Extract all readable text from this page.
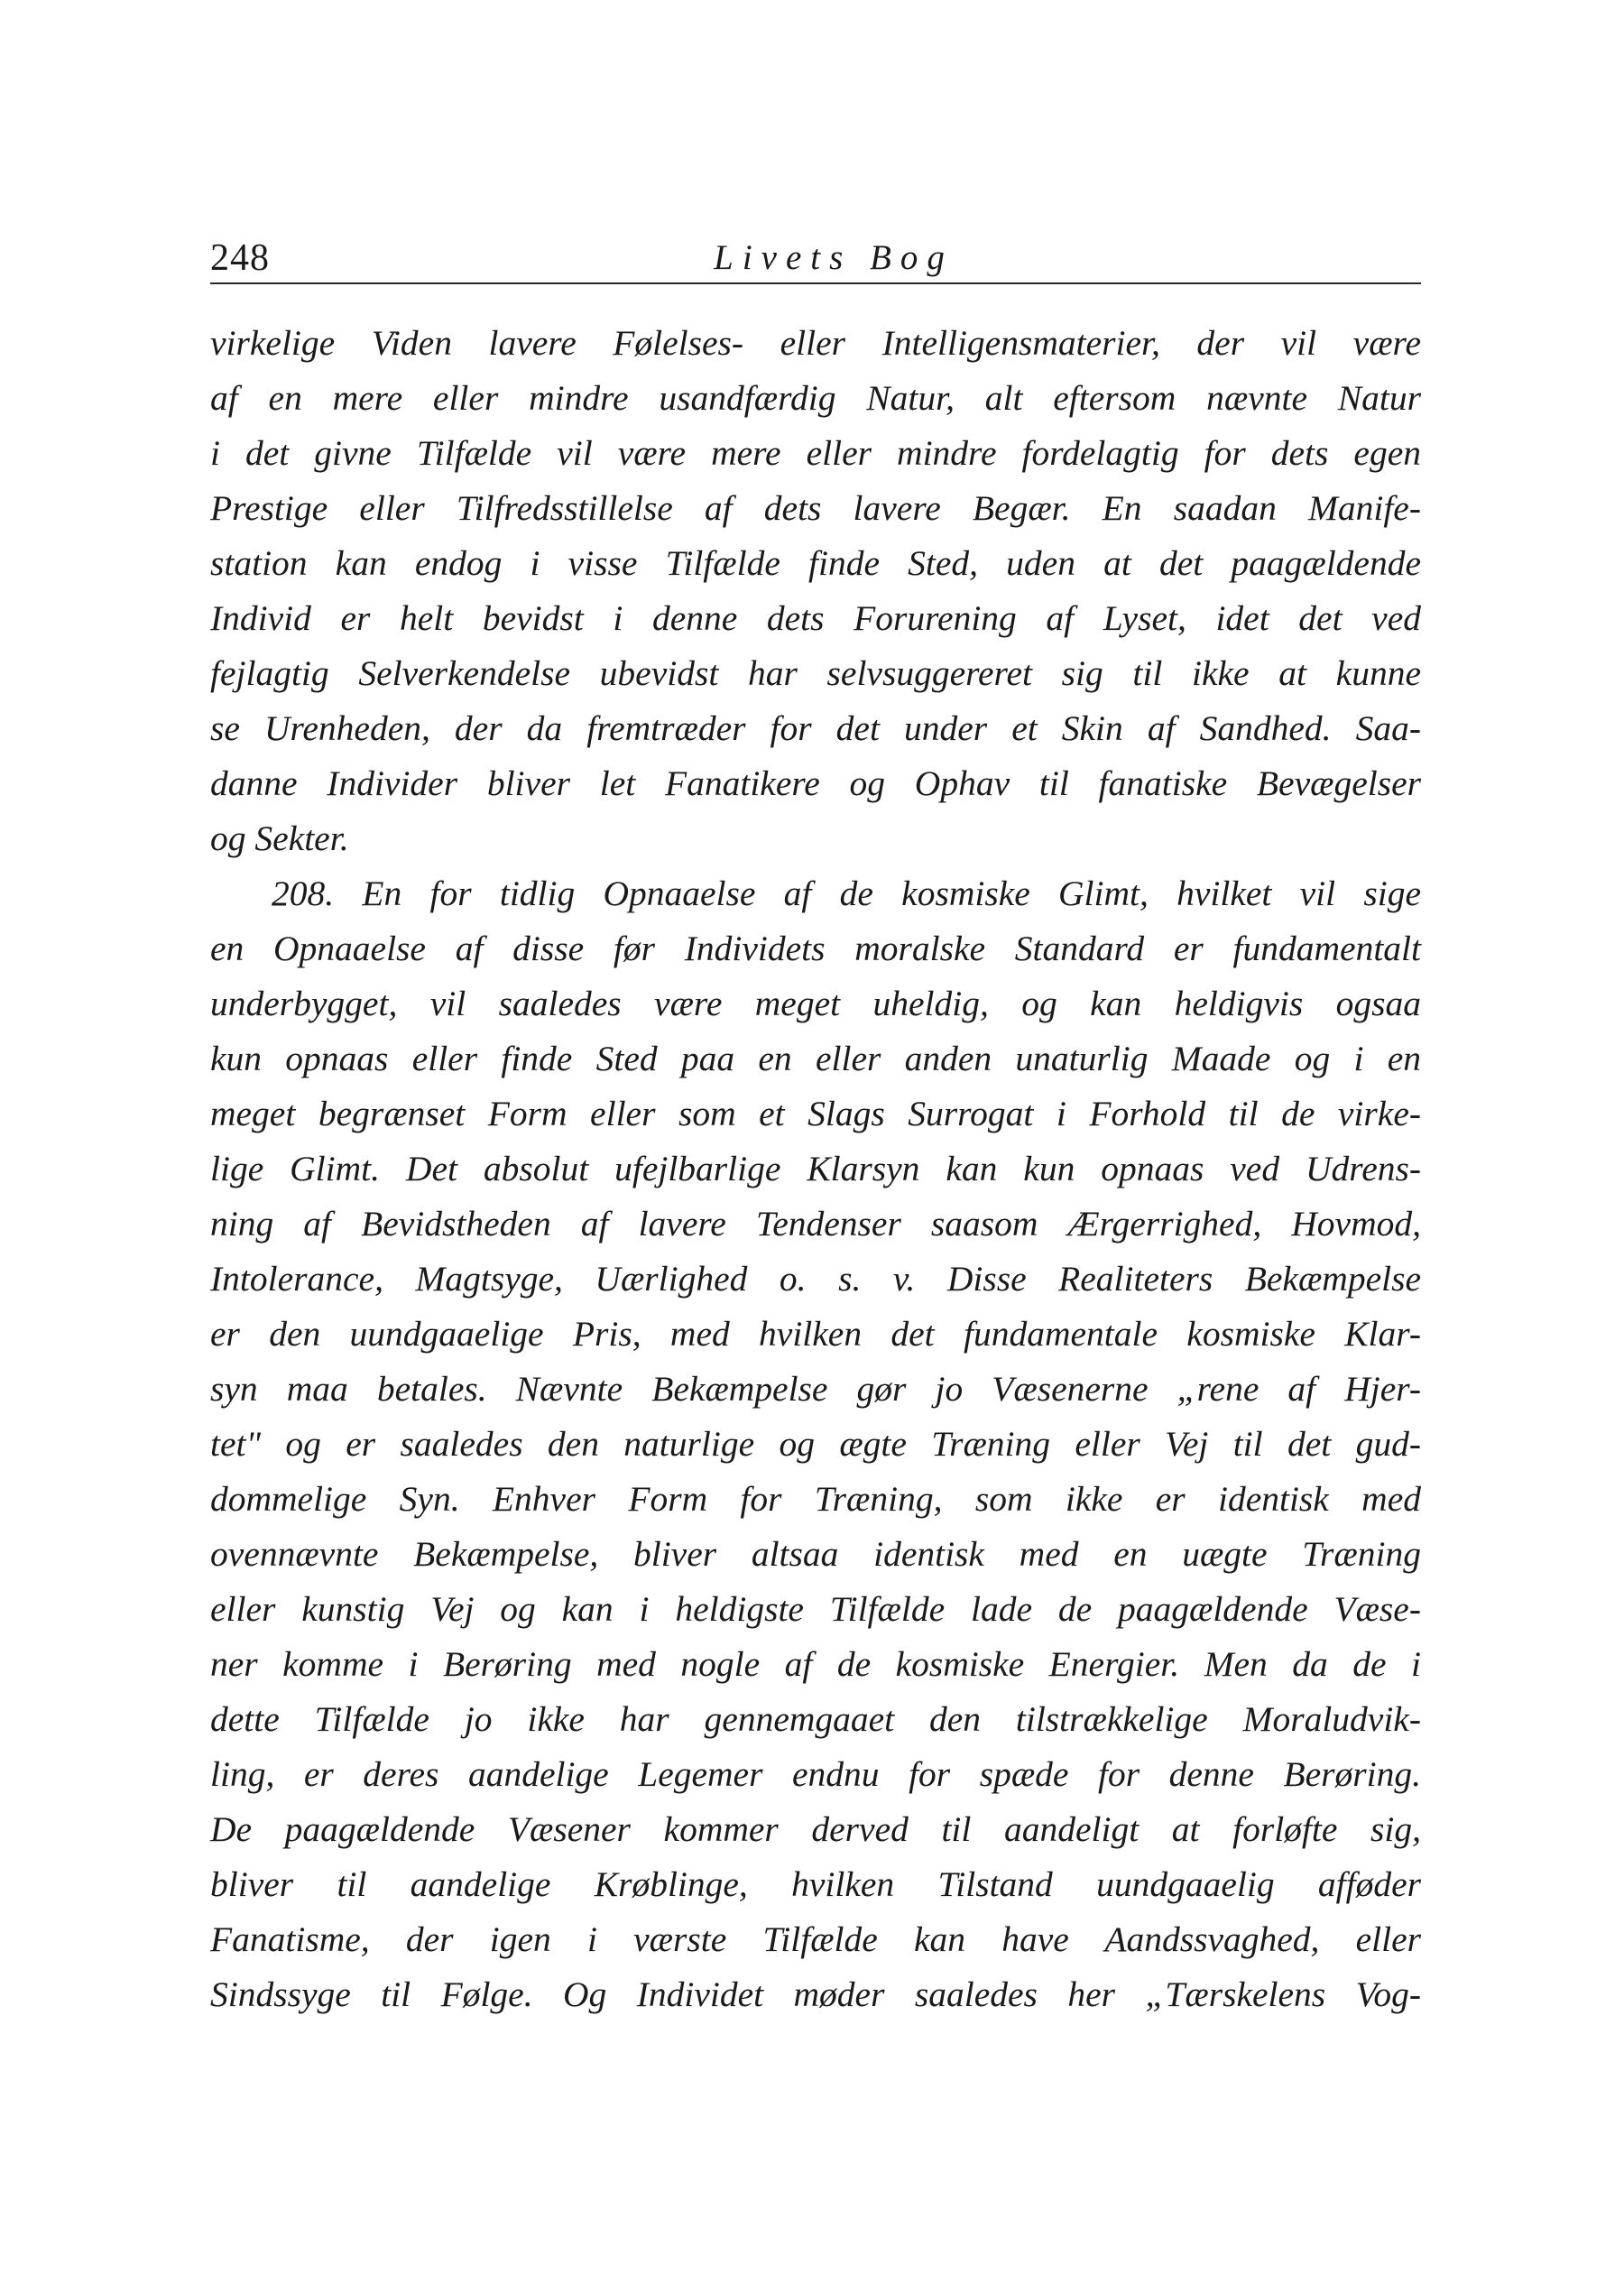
248	Livets Bog
virkelige Viden lavere Følelses- eller Intelligensmaterier, der vil være
af en mere eller mindre usandfærdig Natur, alt eftersom nævnte Natur
i det givne Tilfælde vil være mere eller mindre fordelagtig for dets egen
Prestige eller Tilfredsstillelse af dets lavere Begær. En saadan Manife-
station kan endog i visse Tilfælde finde Sted, uden at det paagældende
Individ er helt bevidst i denne dets Forurening af Lyset, idet det ved
fejlagtig Selverkendelse ubevidst har selvsuggereret sig til ikke at kunne
se Urenheden, der da fremtræder for det under et Skin af Sandhed. Saa-
danne Individer bliver let Fanatikere og Ophav til fanatiske Bevægelser
og Sekter.
208. En for tidlig Opnaaelse af de kosmiske Glimt, hvilket vil sige
en Opnaaelse af disse før Individets moralske Standard er fundamentalt
underbygget, vil saaledes være meget uheldig, og kan heldigvis ogsaa
kun opnaas eller finde Sted paa en eller anden unaturlig Maade og i en
meget begrænset Form eller som et Slags Surrogat i Forhold til de virke-
lige Glimt. Det absolut ufejlbarlige Klarsyn kan kun opnaas ved Udrens-
ning af Bevidstheden af lavere Tendenser saasom Ærgerrighed, Hovmod,
Intolerance, Magtsyge, Uærlighed o. s. v. Disse Realiteters Bekæmpelse
er den uundgaaelige Pris, med hvilken det fundamentale kosmiske Klar-
syn maa betales. Nævnte Bekæmpelse gør jo Væsenerne „rene af Hjer-
tet" og er saaledes den naturlige og ægte Træning eller Vej til det gud-
dommelige Syn. Enhver Form for Træning, som ikke er identisk med
ovennævnte Bekæmpelse, bliver altsaa identisk med en uægte Træning
eller kunstig Vej og kan i heldigste Tilfælde lade de paagældende Væse-
ner komme i Berøring med nogle af de kosmiske Energier. Men da de i
dette Tilfælde jo ikke har gennemgaaet den tilstrækkelige Moraludvik-
ling, er deres aandelige Legemer endnu for spæde for denne Berøring.
De paagældende Væsener kommer derved til aandeligt at forløfte sig,
bliver til aandelige Krøblinge, hvilken Tilstand uundgaaelig afføder
Fanatisme, der igen i værste Tilfælde kan have Aandssvaghed, eller
Sindssyge til Følge. Og Individet møder saaledes her „Tærskelens Vog-
